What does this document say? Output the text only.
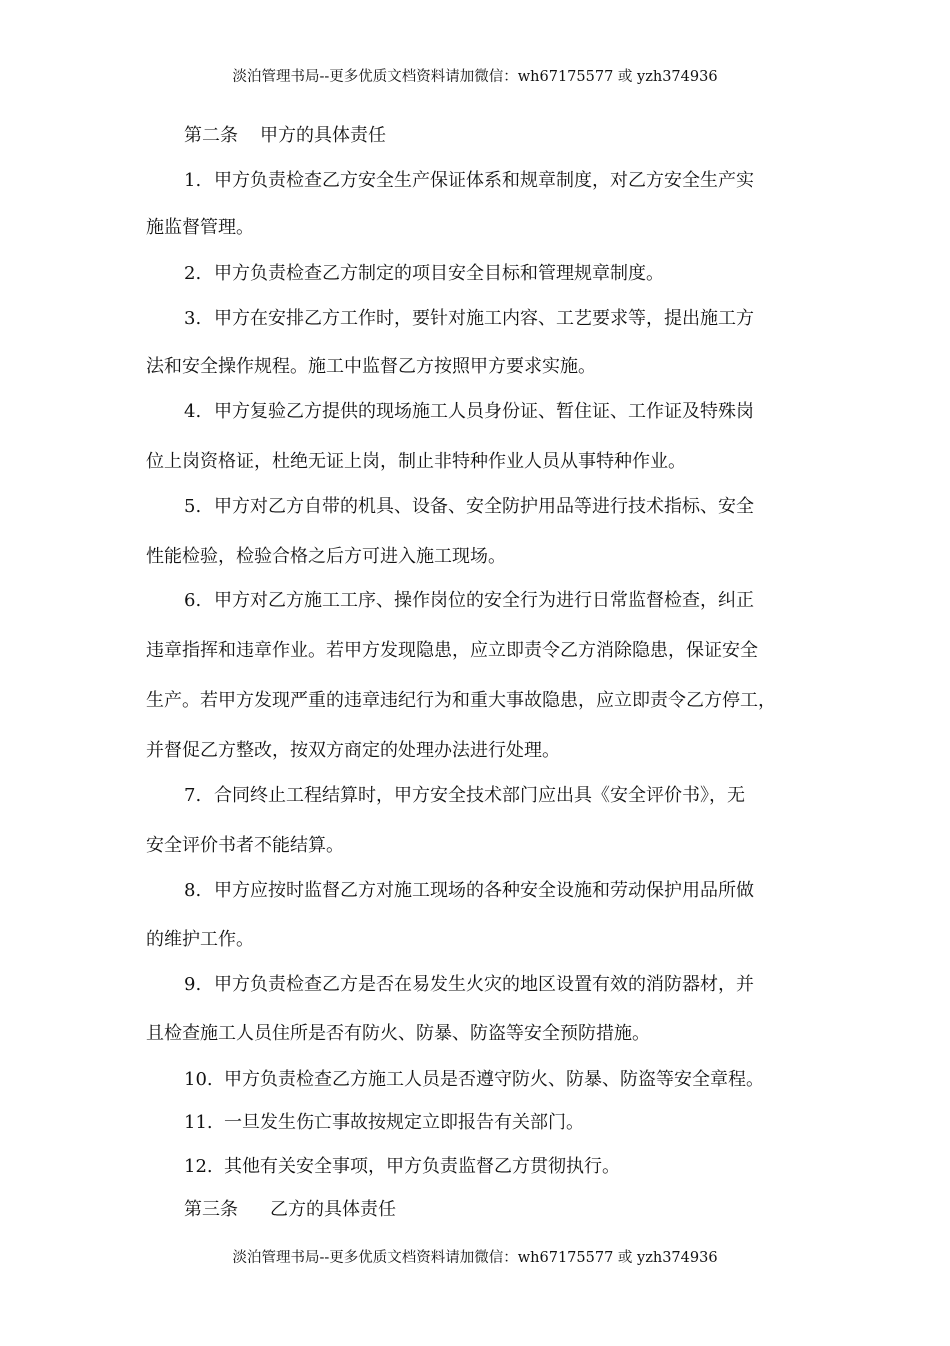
淡泊管理书局--更多优质文档资料请加微信：wh67175577 或 yzh374936
第二条 甲方的具体责任
1. 甲方负责检查乙方安全生产保证体系和规章制度，对乙方安全生产实
施监督管理。
2. 甲方负责检查乙方制定的项目安全目标和管理规章制度。
3. 甲方在安排乙方工作时，要针对施工内容、工艺要求等，提出施工方
法和安全操作规程。施工中监督乙方按照甲方要求实施。
4. 甲方复验乙方提供的现场施工人员身份证、暂住证、工作证及特殊岗
位上岗资格证，杜绝无证上岗，制止非特种作业人员从事特种作业。
5. 甲方对乙方自带的机具、设备、安全防护用品等进行技术指标、安全
性能检验，检验合格之后方可进入施工现场。
6. 甲方对乙方施工工序、操作岗位的安全行为进行日常监督检查，纠正
违章指挥和违章作业。若甲方发现隐患，应立即责令乙方消除隐患，保证安全
生产。若甲方发现严重的违章违纪行为和重大事故隐患，应立即责令乙方停工，
并督促乙方整改，按双方商定的处理办法进行处理。
7. 合同终止工程结算时，甲方安全技术部门应出具《安全评价书》，无
安全评价书者不能结算。
8. 甲方应按时监督乙方对施工现场的各种安全设施和劳动保护用品所做
的维护工作。
9. 甲方负责检查乙方是否在易发生火灾的地区设置有效的消防器材，并
且检查施工人员住所是否有防火、防暴、防盗等安全预防措施。
10. 甲方负责检查乙方施工人员是否遵守防火、防暴、防盗等安全章程。
11. 一旦发生伤亡事故按规定立即报告有关部门。
12. 其他有关安全事项，甲方负责监督乙方贯彻执行。
第三条 乙方的具体责任
淡泊管理书局--更多优质文档资料请加微信：wh67175577 或 yzh374936
